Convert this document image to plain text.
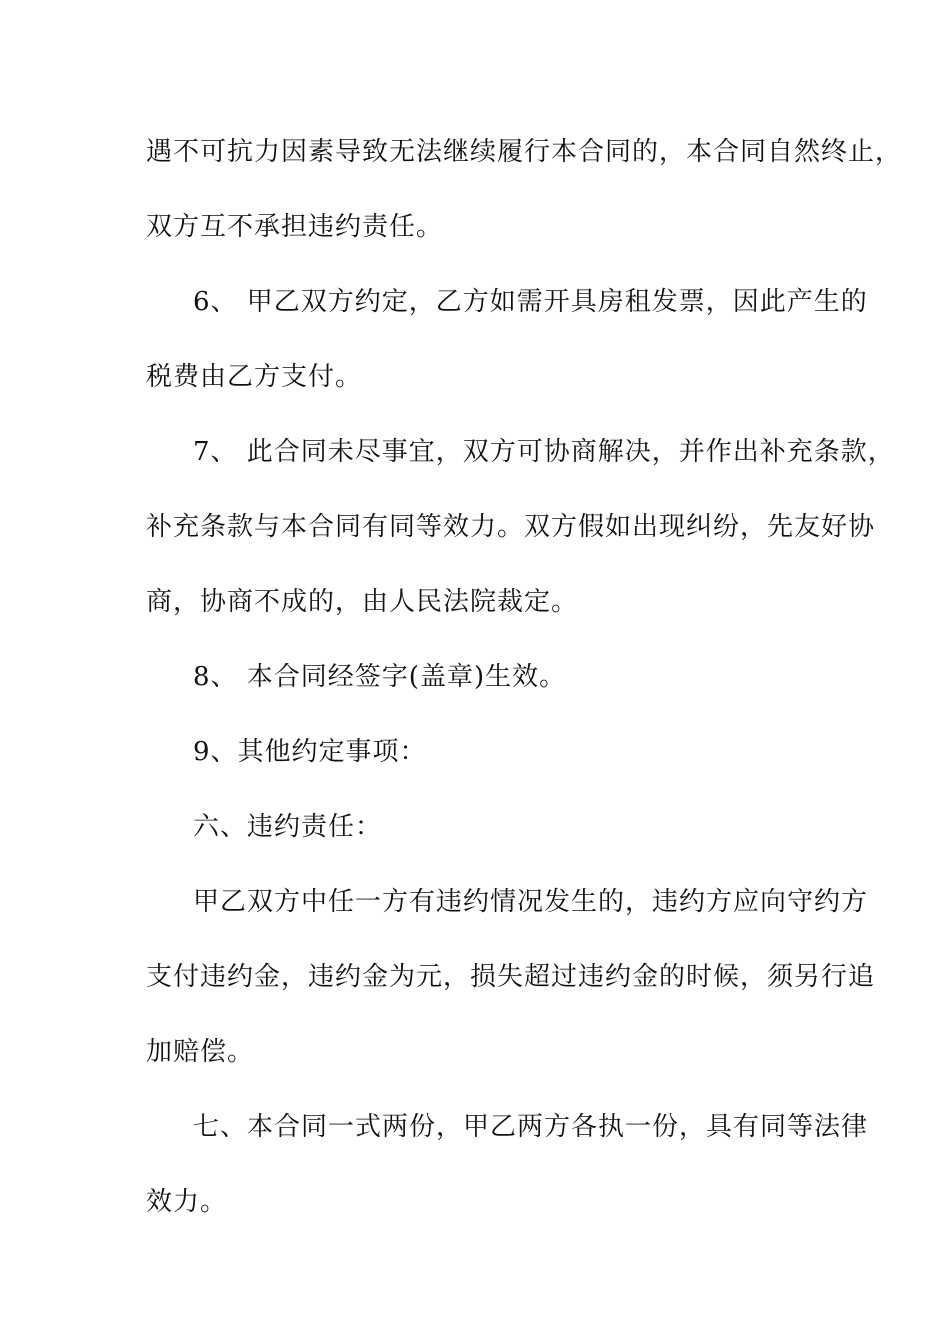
遇不可抗力因素导致无法继续履行本合同的，本合同自然终止，

双方互不承担违约责任。

6、 甲乙双方约定，乙方如需开具房租发票，因此产生的

税费由乙方支付。

7、 此合同未尽事宜，双方可协商解决，并作出补充条款，

补充条款与本合同有同等效力。双方假如出现纠纷，先友好协

商，协商不成的，由人民法院裁定。

8、 本合同经签字(盖章)生效。

9、其他约定事项：

六、违约责任：

甲乙双方中任一方有违约情况发生的，违约方应向守约方

支付违约金，违约金为元，损失超过违约金的时候，须另行追

加赔偿。

七、本合同一式两份，甲乙两方各执一份，具有同等法律

效力。
